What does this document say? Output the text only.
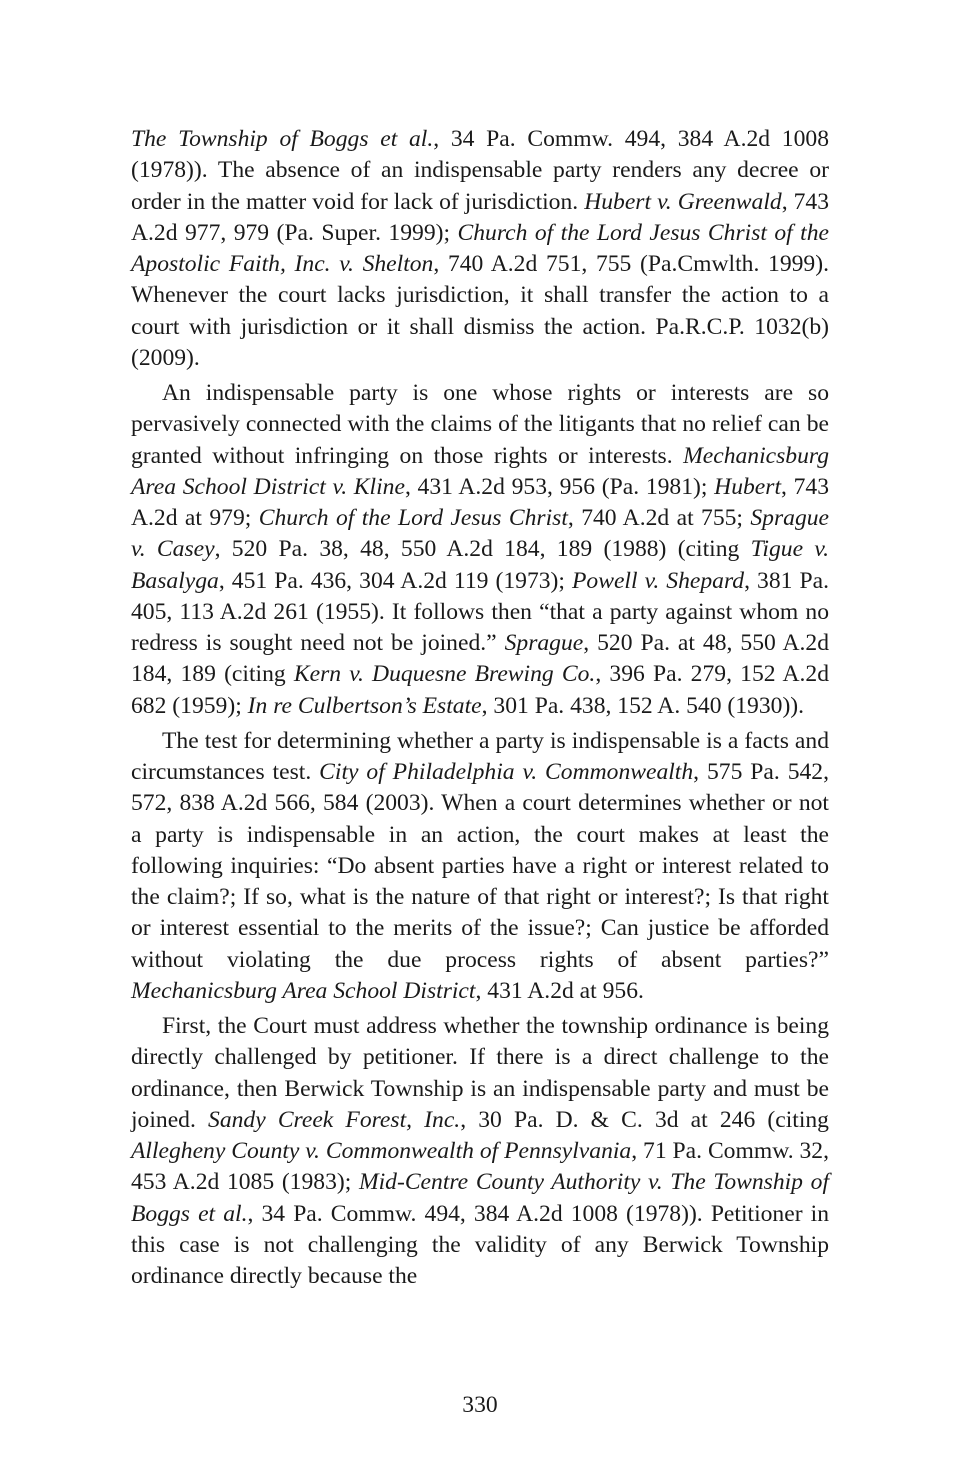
The Township of Boggs et al., 34 Pa. Commw. 494, 384 A.2d 1008 (1978)). The absence of an indispensable party renders any decree or order in the matter void for lack of jurisdiction. Hubert v. Greenwald, 743 A.2d 977, 979 (Pa. Super. 1999); Church of the Lord Jesus Christ of the Apostolic Faith, Inc. v. Shelton, 740 A.2d 751, 755 (Pa.Cmwlth. 1999). Whenever the court lacks jurisdiction, it shall transfer the action to a court with jurisdiction or it shall dismiss the action. Pa.R.C.P. 1032(b) (2009).

An indispensable party is one whose rights or interests are so pervasively connected with the claims of the litigants that no relief can be granted without infringing on those rights or interests. Mechanicsburg Area School District v. Kline, 431 A.2d 953, 956 (Pa. 1981); Hubert, 743 A.2d at 979; Church of the Lord Jesus Christ, 740 A.2d at 755; Sprague v. Casey, 520 Pa. 38, 48, 550 A.2d 184, 189 (1988) (citing Tigue v. Basalyga, 451 Pa. 436, 304 A.2d 119 (1973); Powell v. Shepard, 381 Pa. 405, 113 A.2d 261 (1955). It follows then “that a party against whom no redress is sought need not be joined.” Sprague, 520 Pa. at 48, 550 A.2d 184, 189 (citing Kern v. Duquesne Brewing Co., 396 Pa. 279, 152 A.2d 682 (1959); In re Culbertson’s Estate, 301 Pa. 438, 152 A. 540 (1930)).

The test for determining whether a party is indispensable is a facts and circumstances test. City of Philadelphia v. Commonwealth, 575 Pa. 542, 572, 838 A.2d 566, 584 (2003). When a court determines whether or not a party is indispensable in an action, the court makes at least the following inquiries: “Do absent parties have a right or interest related to the claim?; If so, what is the nature of that right or interest?; Is that right or interest essential to the merits of the issue?; Can justice be afforded without violating the due process rights of absent parties?” Mechanicsburg Area School District, 431 A.2d at 956.

First, the Court must address whether the township ordinance is being directly challenged by petitioner. If there is a direct challenge to the ordinance, then Berwick Township is an indispensable party and must be joined. Sandy Creek Forest, Inc., 30 Pa. D. & C. 3d at 246 (citing Allegheny County v. Commonwealth of Pennsylvania, 71 Pa. Commw. 32, 453 A.2d 1085 (1983); Mid-Centre County Authority v. The Township of Boggs et al., 34 Pa. Commw. 494, 384 A.2d 1008 (1978)). Petitioner in this case is not challenging the validity of any Berwick Township ordinance directly because the

330
